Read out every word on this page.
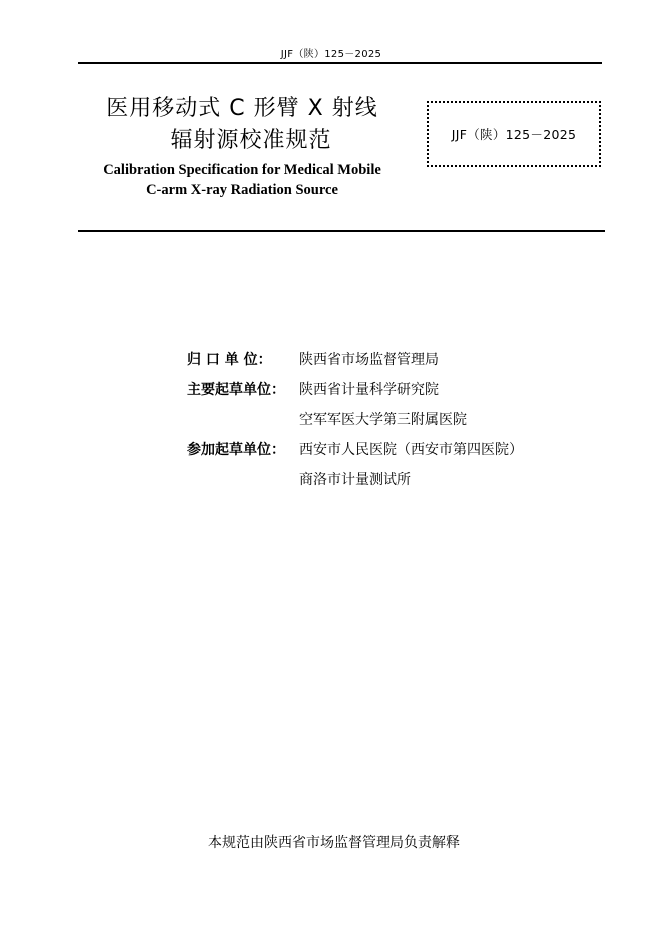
JJF（陕）125－2025
医用移动式 C 形臂 X 射线
辐射源校准规范
Calibration Specification for Medical Mobile
C-arm X-ray Radiation Source
JJF（陕）125－2025
归 口 单 位：	陕西省市场监督管理局
主要起草单位：	陕西省计量科学研究院
空军军医大学第三附属医院
参加起草单位：	西安市人民医院（西安市第四医院）
商洛市计量测试所
本规范由陕西省市场监督管理局负责解释
